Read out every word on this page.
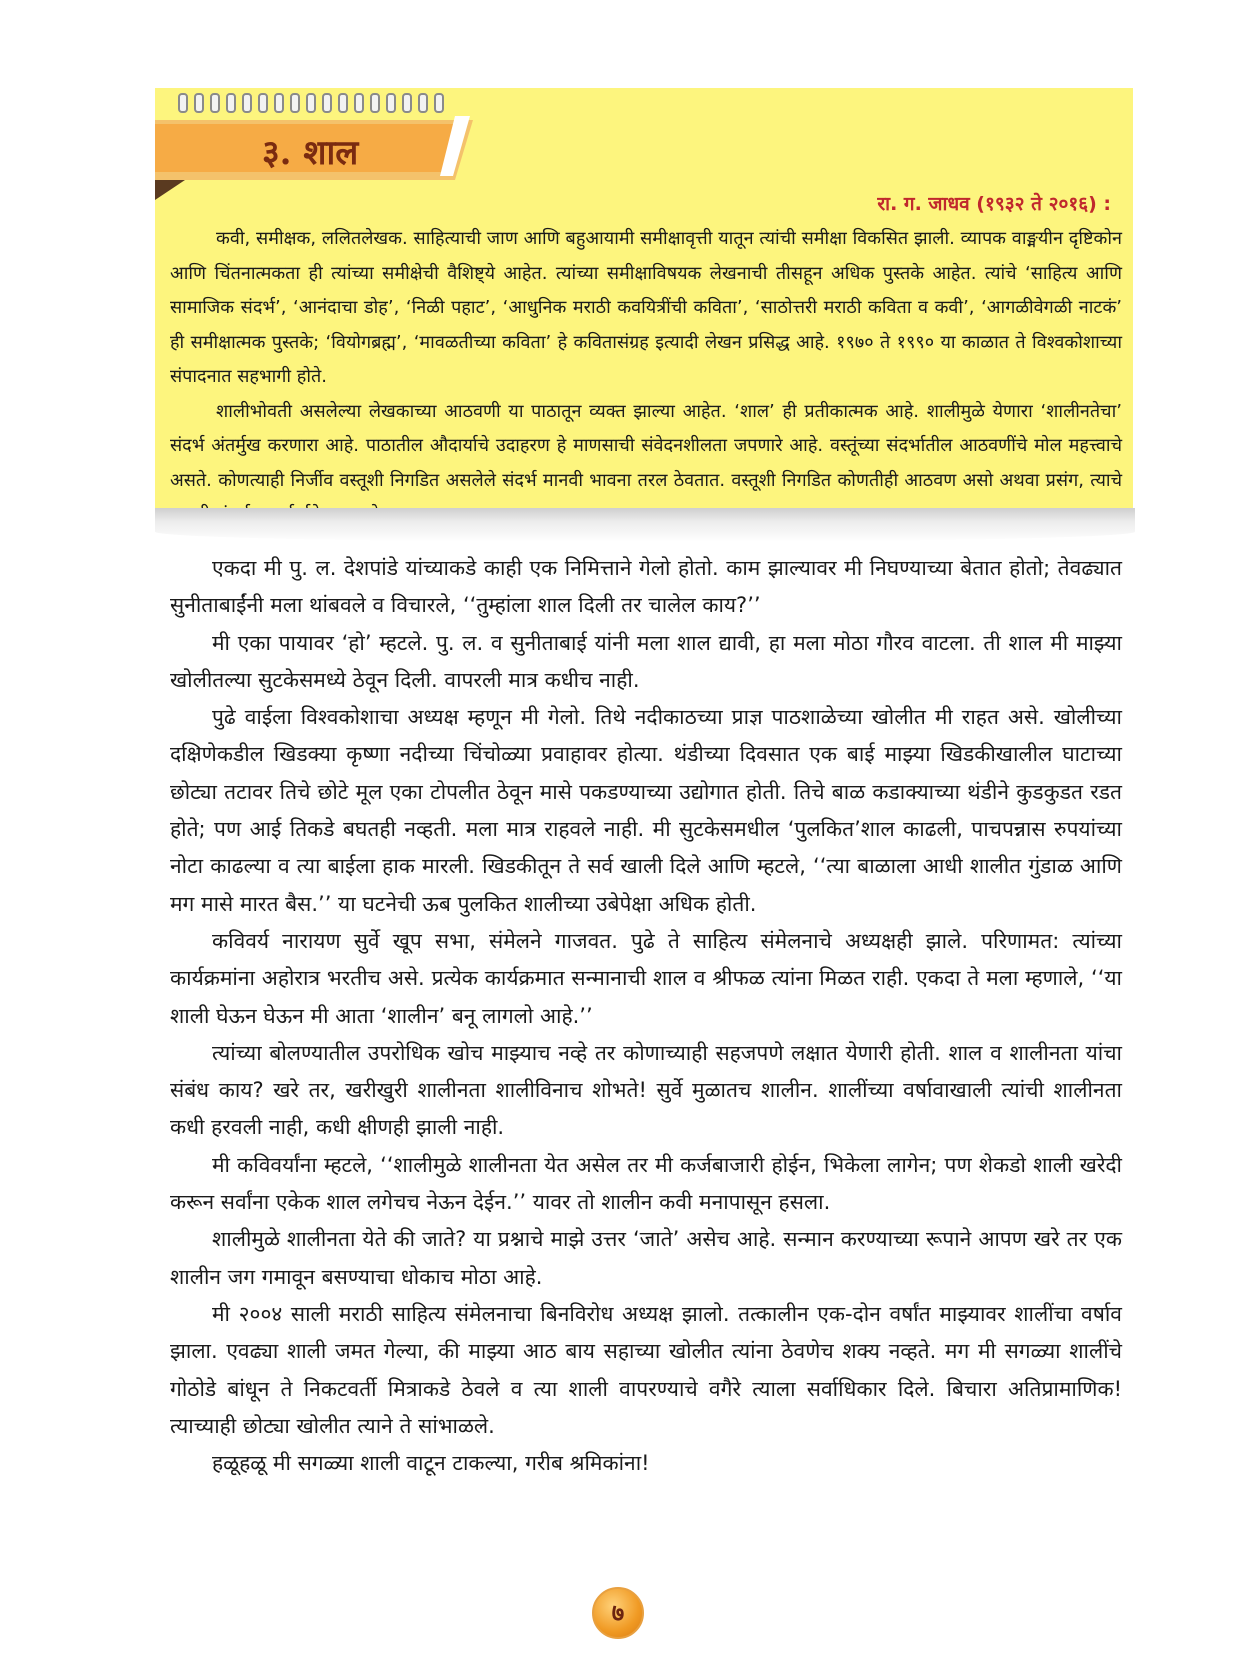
३. शाल
रा. ग. जाधव (१९३२ ते २०१६) :

कवी, समीक्षक, ललितलेखक. साहित्याची जाण आणि बहुआयामी समीक्षावृत्ती यातून त्यांची समीक्षा विकसित झाली. व्यापक वाङ्मयीन दृष्टिकोन आणि चिंतनात्मकता ही त्यांच्या समीक्षेची वैशिष्ट्ये आहेत. त्यांच्या समीक्षाविषयक लेखनाची तीसहून अधिक पुस्तके आहेत. त्यांचे ‘साहित्य आणि सामाजिक संदर्भ’, ‘आनंदाचा डोह’, ‘निळी पहाट’, ‘आधुनिक मराठी कवयित्रींची कविता’, ‘साठोत्तरी मराठी कविता व कवी’, ‘आगळीवेगळी नाटकं’ ही समीक्षात्मक पुस्तके; ‘वियोगब्रह्म’, ‘मावळतीच्या कविता’ हे कवितासंग्रह इत्यादी लेखन प्रसिद्ध आहे. १९७० ते १९९० या काळात ते विश्वकोशाच्या संपादनात सहभागी होते.

शालीभोवती असलेल्या लेखकाच्या आठवणी या पाठातून व्यक्त झाल्या आहेत. ‘शाल’ ही प्रतीकात्मक आहे. शालीमुळे येणारा ‘शालीनतेचा’ संदर्भ अंतर्मुख करणारा आहे. पाठातील औदार्याचे उदाहरण हे माणसाची संवेदनशीलता जपणारे आहे. वस्तूंच्या संदर्भातील आठवणींचे मोल महत्त्वाचे असते. कोणत्याही निर्जीव वस्तूशी निगडित असलेले संदर्भ मानवी भावना तरल ठेवतात. वस्तूशी निगडित कोणतीही आठवण असो अथवा प्रसंग, त्याचे

एकदा मी पु. ल. देशपांडे यांच्याकडे काही एक निमित्ताने गेलो होतो. काम झाल्यावर मी निघण्याच्या बेतात होतो; तेवढ्यात सुनीताबाईंनी मला थांबवले व विचारले, ‘‘तुम्हांला शाल दिली तर चालेल काय?’’

मी एका पायावर ‘हो’ म्हटले. पु. ल. व सुनीताबाई यांनी मला शाल द्यावी, हा मला मोठा गौरव वाटला. ती शाल मी माझ्या खोलीतल्या सुटकेसमध्ये ठेवून दिली. वापरली मात्र कधीच नाही.

पुढे वाईला विश्वकोशाचा अध्यक्ष म्हणून मी गेलो. तिथे नदीकाठच्या प्राज्ञ पाठशाळेच्या खोलीत मी राहत असे. खोलीच्या दक्षिणेकडील खिडक्या कृष्णा नदीच्या चिंचोळ्या प्रवाहावर होत्या. थंडीच्या दिवसात एक बाई माझ्या खिडकीखालील घाटाच्या छोट्या तटावर तिचे छोटे मूल एका टोपलीत ठेवून मासे पकडण्याच्या उद्योगात होती. तिचे बाळ कडाक्याच्या थंडीने कुडकुडत रडत होते; पण आई तिकडे बघतही नव्हती. मला मात्र राहवले नाही. मी सुटकेसमधील ‘पुलकित’शाल काढली, पाचपन्नास रुपयांच्या नोटा काढल्या व त्या बाईला हाक मारली. खिडकीतून ते सर्व खाली दिले आणि म्हटले, ‘‘त्या बाळाला आधी शालीत गुंडाळ आणि मग मासे मारत बैस.’’ या घटनेची ऊब पुलकित शालीच्या उबेपेक्षा अधिक होती.

कविवर्य नारायण सुर्वे खूप सभा, संमेलने गाजवत. पुढे ते साहित्य संमेलनाचे अध्यक्षही झाले. परिणामत: त्यांच्या कार्यक्रमांना अहोरात्र भरतीच असे. प्रत्येक कार्यक्रमात सन्मानाची शाल व श्रीफळ त्यांना मिळत राही. एकदा ते मला म्हणाले, ‘‘या शाली घेऊन घेऊन मी आता ‘शालीन’ बनू लागलो आहे.’’

त्यांच्या बोलण्यातील उपरोधिक खोच माझ्याच नव्हे तर कोणाच्याही सहजपणे लक्षात येणारी होती. शाल व शालीनता यांचा संबंध काय? खरे तर, खरीखुरी शालीनता शालीविनाच शोभते! सुर्वे मुळातच शालीन. शालींच्या वर्षावाखाली त्यांची शालीनता कधी हरवली नाही, कधी क्षीणही झाली नाही.

मी कविवर्यांना म्हटले, ‘‘शालीमुळे शालीनता येत असेल तर मी कर्जबाजारी होईन, भिकेला लागेन; पण शेकडो शाली खरेदी करून सर्वांना एकेक शाल लगेचच नेऊन देईन.’’ यावर तो शालीन कवी मनापासून हसला.

शालीमुळे शालीनता येते की जाते? या प्रश्नाचे माझे उत्तर ‘जाते’ असेच आहे. सन्मान करण्याच्या रूपाने आपण खरे तर एक शालीन जग गमावून बसण्याचा धोकाच मोठा आहे.

मी २००४ साली मराठी साहित्य संमेलनाचा बिनविरोध अध्यक्ष झालो. तत्कालीन एक-दोन वर्षांत माझ्यावर शालींचा वर्षाव झाला. एवढ्या शाली जमत गेल्या, की माझ्या आठ बाय सहाच्या खोलीत त्यांना ठेवणेच शक्य नव्हते. मग मी सगळ्या शालींचे गोठोडे बांधून ते निकटवर्ती मित्राकडे ठेवले व त्या शाली वापरण्याचे वगैरे त्याला सर्वाधिकार दिले. बिचारा अतिप्रामाणिक! त्याच्याही छोट्या खोलीत त्याने ते सांभाळले.

हळूहळू मी सगळ्या शाली वाटून टाकल्या, गरीब श्रमिकांना!

७
